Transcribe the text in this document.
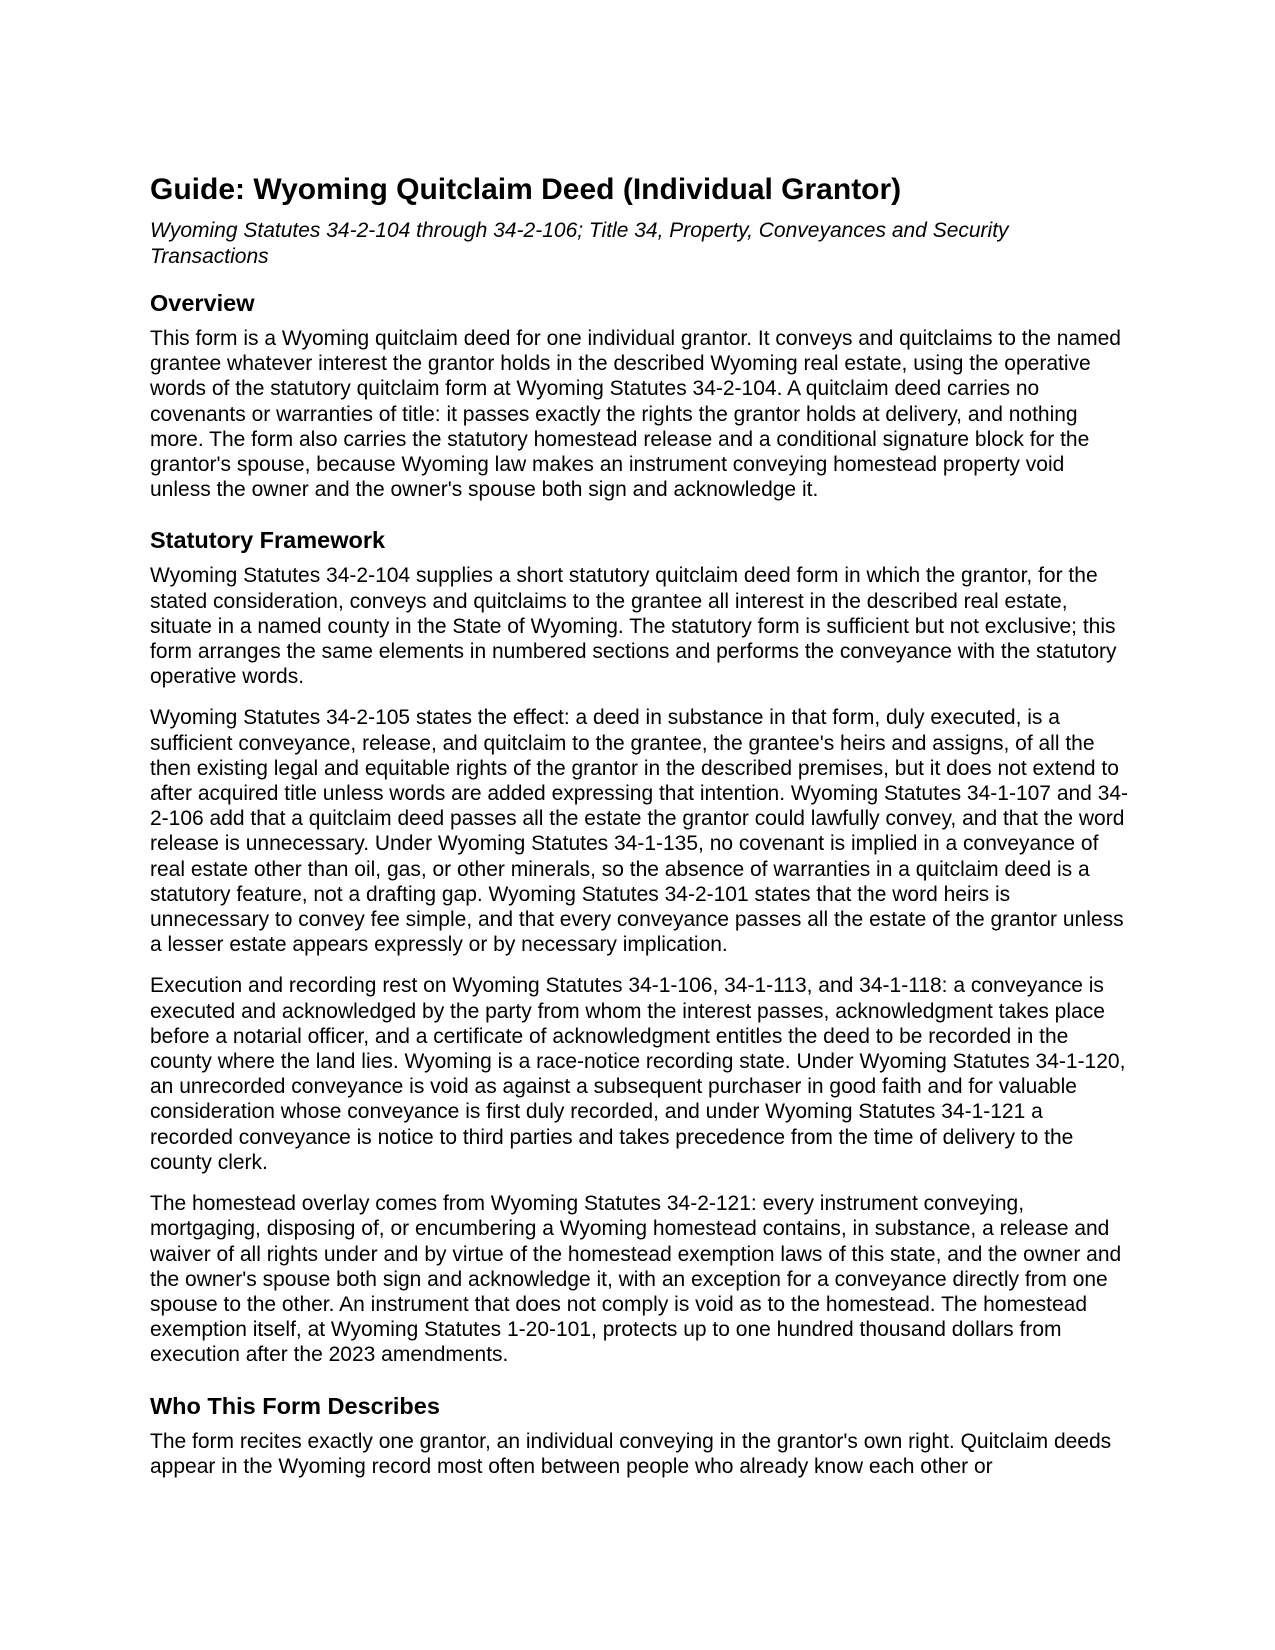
Guide: Wyoming Quitclaim Deed (Individual Grantor)

Wyoming Statutes 34-2-104 through 34-2-106; Title 34, Property, Conveyances and Security Transactions

Overview

This form is a Wyoming quitclaim deed for one individual grantor. It conveys and quitclaims to the named grantee whatever interest the grantor holds in the described Wyoming real estate, using the operative words of the statutory quitclaim form at Wyoming Statutes 34-2-104. A quitclaim deed carries no covenants or warranties of title: it passes exactly the rights the grantor holds at delivery, and nothing more. The form also carries the statutory homestead release and a conditional signature block for the grantor's spouse, because Wyoming law makes an instrument conveying homestead property void unless the owner and the owner's spouse both sign and acknowledge it.

Statutory Framework

Wyoming Statutes 34-2-104 supplies a short statutory quitclaim deed form in which the grantor, for the stated consideration, conveys and quitclaims to the grantee all interest in the described real estate, situate in a named county in the State of Wyoming. The statutory form is sufficient but not exclusive; this form arranges the same elements in numbered sections and performs the conveyance with the statutory operative words.

Wyoming Statutes 34-2-105 states the effect: a deed in substance in that form, duly executed, is a sufficient conveyance, release, and quitclaim to the grantee, the grantee's heirs and assigns, of all the then existing legal and equitable rights of the grantor in the described premises, but it does not extend to after acquired title unless words are added expressing that intention. Wyoming Statutes 34-1-107 and 34-2-106 add that a quitclaim deed passes all the estate the grantor could lawfully convey, and that the word release is unnecessary. Under Wyoming Statutes 34-1-135, no covenant is implied in a conveyance of real estate other than oil, gas, or other minerals, so the absence of warranties in a quitclaim deed is a statutory feature, not a drafting gap. Wyoming Statutes 34-2-101 states that the word heirs is unnecessary to convey fee simple, and that every conveyance passes all the estate of the grantor unless a lesser estate appears expressly or by necessary implication.

Execution and recording rest on Wyoming Statutes 34-1-106, 34-1-113, and 34-1-118: a conveyance is executed and acknowledged by the party from whom the interest passes, acknowledgment takes place before a notarial officer, and a certificate of acknowledgment entitles the deed to be recorded in the county where the land lies. Wyoming is a race-notice recording state. Under Wyoming Statutes 34-1-120, an unrecorded conveyance is void as against a subsequent purchaser in good faith and for valuable consideration whose conveyance is first duly recorded, and under Wyoming Statutes 34-1-121 a recorded conveyance is notice to third parties and takes precedence from the time of delivery to the county clerk.

The homestead overlay comes from Wyoming Statutes 34-2-121: every instrument conveying, mortgaging, disposing of, or encumbering a Wyoming homestead contains, in substance, a release and waiver of all rights under and by virtue of the homestead exemption laws of this state, and the owner and the owner's spouse both sign and acknowledge it, with an exception for a conveyance directly from one spouse to the other. An instrument that does not comply is void as to the homestead. The homestead exemption itself, at Wyoming Statutes 1-20-101, protects up to one hundred thousand dollars from execution after the 2023 amendments.

Who This Form Describes

The form recites exactly one grantor, an individual conveying in the grantor's own right. Quitclaim deeds appear in the Wyoming record most often between people who already know each other or
